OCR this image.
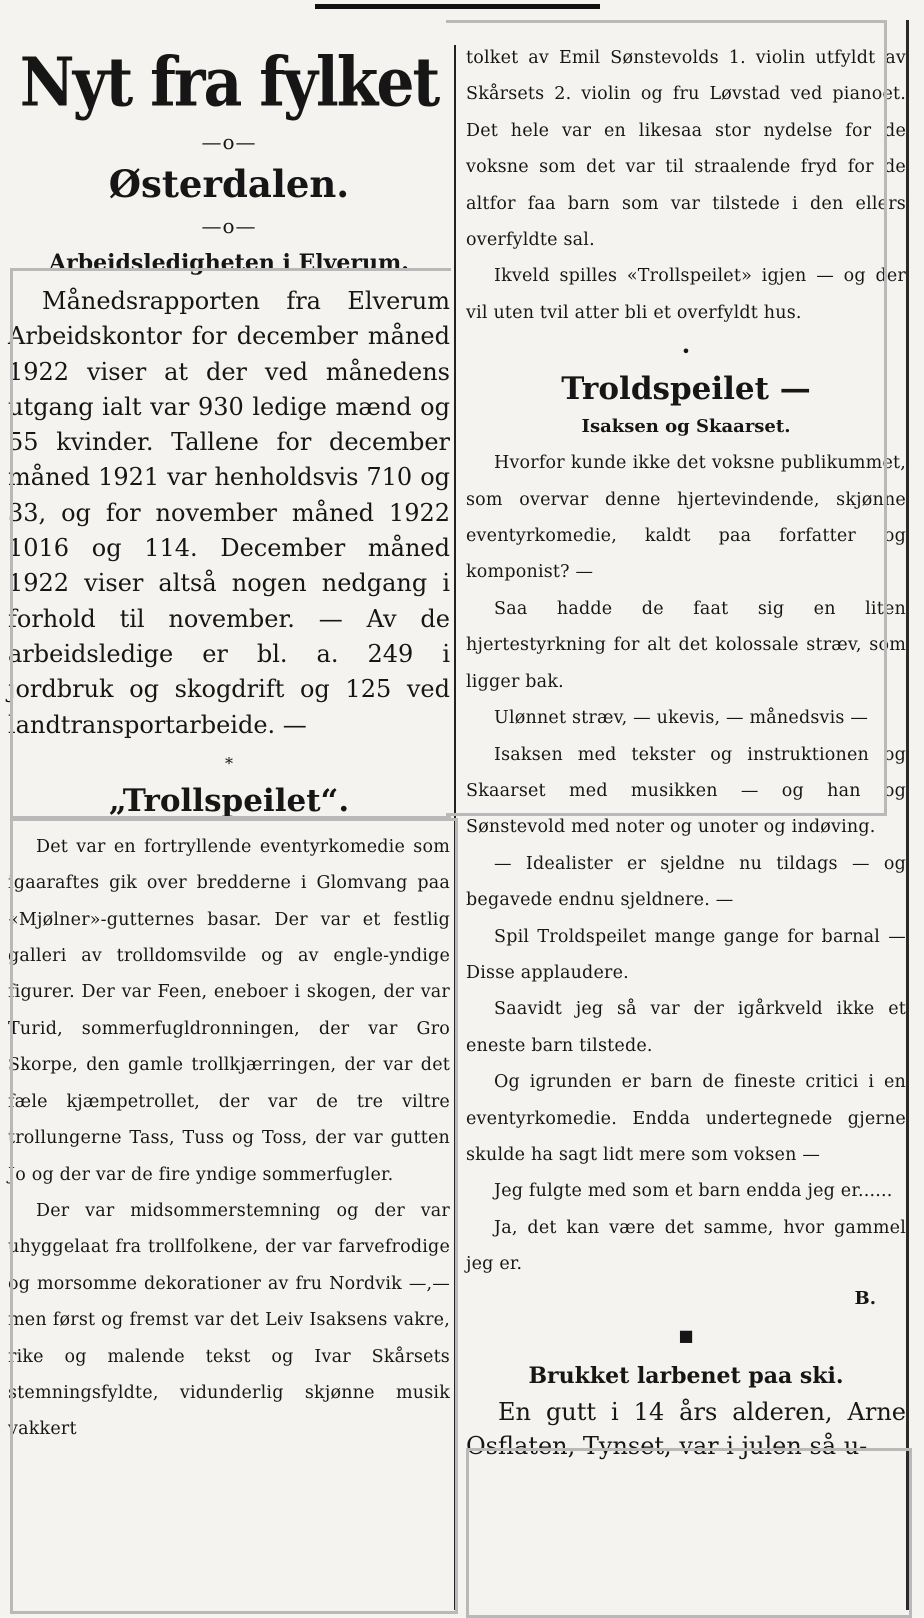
Nyt fra fylket
—o—
Østerdalen.
—o—
Arbeidsledigheten i Elverum.

Månedsrapporten fra Elverum Arbeidskontor for december måned 1922 viser at der ved månedens utgang ialt var 930 ledige mænd og 55 kvinder. Tallene for december måned 1921 var henholdsvis 710 og 33, og for november måned 1922 1016 og 114. December måned 1922 viser altså nogen nedgang i forhold til november. — Av de arbeidsledige er bl. a. 249 i jordbruk og skogdrift og 125 ved landtransportarbeide. —

*
„Trollspeilet“.

Det var en fortryllende eventyrkomedie som igaaraftes gik over bredderne i Glomvang paa «Mjølner»-gutternes basar. Der var et festlig galleri av trolldomsvilde og av engle-yndige figurer. Der var Feen, eneboer i skogen, der var Turid, sommerfugldronningen, der var Gro Skorpe, den gamle trollkjærringen, der var det fæle kjæmpetrollet, der var de tre viltre trollungerne Tass, Tuss og Toss, der var gutten Jo og der var de fire yndige sommerfugler.

Der var midsommerstemning og der var uhyggelaat fra trollfolkene, der var farvefrodige og morsomme dekorationer av fru Nordvik —,— men først og fremst var det Leiv Isaksens vakre, rike og malende tekst og Ivar Skårsets stemningsfyldte, vidunderlig skjønne musik vakkert

tolket av Emil Sønstevolds 1. violin utfyldt av Skårsets 2. violin og fru Løvstad ved pianoet. Det hele var en likesaa stor nydelse for de voksne som det var til straalende fryd for de altfor faa barn som var tilstede i den ellers overfyldte sal.

Ikveld spilles «Trollspeilet» igjen — og der vil uten tvil atter bli et overfyldt hus.

•
Troldspeilet —
Isaksen og Skaarset.

Hvorfor kunde ikke det voksne publikummet, som overvar denne hjertevindende, skjønne eventyrkomedie, kaldt paa forfatter og komponist? —

Saa hadde de faat sig en liten hjertestyrkning for alt det kolossale stræv, som ligger bak.

Ulønnet stræv, — ukevis, — månedsvis —

Isaksen med tekster og instruktionen og Skaarset med musikken — og han og Sønstevold med noter og unoter og indøving.

— Idealister er sjeldne nu tildags — og begavede endnu sjeldnere. —

Spil Troldspeilet mange gange for barnal — Disse applaudere.

Saavidt jeg så var der igårkveld ikke et eneste barn tilstede.

Og igrunden er barn de fineste critici i en eventyrkomedie. Endda undertegnede gjerne skulde ha sagt lidt mere som voksen —

Jeg fulgte med som et barn endda jeg er......

Ja, det kan være det samme, hvor gammel jeg er.

B.
■
Brukket larbenet paa ski.

En gutt i 14 års alderen, Arne Osflaten, Tynset, var i julen så u-
